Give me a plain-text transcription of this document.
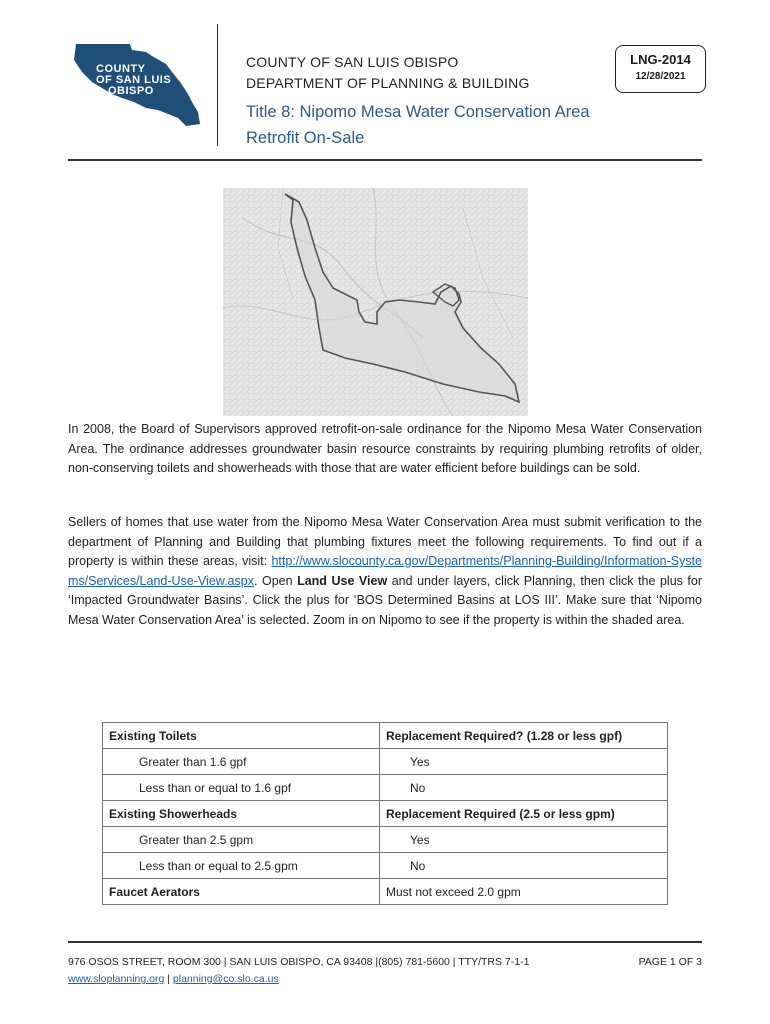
COUNTY
OF SAN LUIS
OBISPO
COUNTY OF SAN LUIS OBISPO
DEPARTMENT OF PLANNING & BUILDING
Title 8: Nipomo Mesa Water Conservation Area
Retrofit On-Sale
LNG-2014
12/28/2021
In 2008, the Board of Supervisors approved retrofit-on-sale ordinance for the Nipomo Mesa Water Conservation Area. The ordinance addresses groundwater basin resource constraints by requiring plumbing retrofits of older, non-conserving toilets and showerheads with those that are water efficient before buildings can be sold.
Sellers of homes that use water from the Nipomo Mesa Water Conservation Area must submit verification to the department of Planning and Building that plumbing fixtures meet the following requirements. To find out if a property is within these areas, visit: http://www.slocounty.ca.gov/Departments/Planning-Building/Information-Systems/Services/Land-Use-View.aspx. Open Land Use View and under layers, click Planning, then click the plus for ‘Impacted Groundwater Basins’. Click the plus for ‘BOS Determined Basins at LOS III’. Make sure that ‘Nipomo Mesa Water Conservation Area’ is selected. Zoom in on Nipomo to see if the property is within the shaded area.
Existing Toilets	Replacement Required? (1.28 or less gpf)
Greater than 1.6 gpf	Yes
Less than or equal to 1.6 gpf	No
Existing Showerheads	Replacement Required (2.5 or less gpm)
Greater than 2.5 gpm	Yes
Less than or equal to 2.5 gpm	No
Faucet Aerators	Must not exceed 2.0 gpm
976 OSOS STREET, ROOM 300 | SAN LUIS OBISPO, CA 93408 |(805) 781-5600 | TTY/TRS 7-1-1
www.sloplanning.org | planning@co.slo.ca.us
PAGE 1 OF 3
